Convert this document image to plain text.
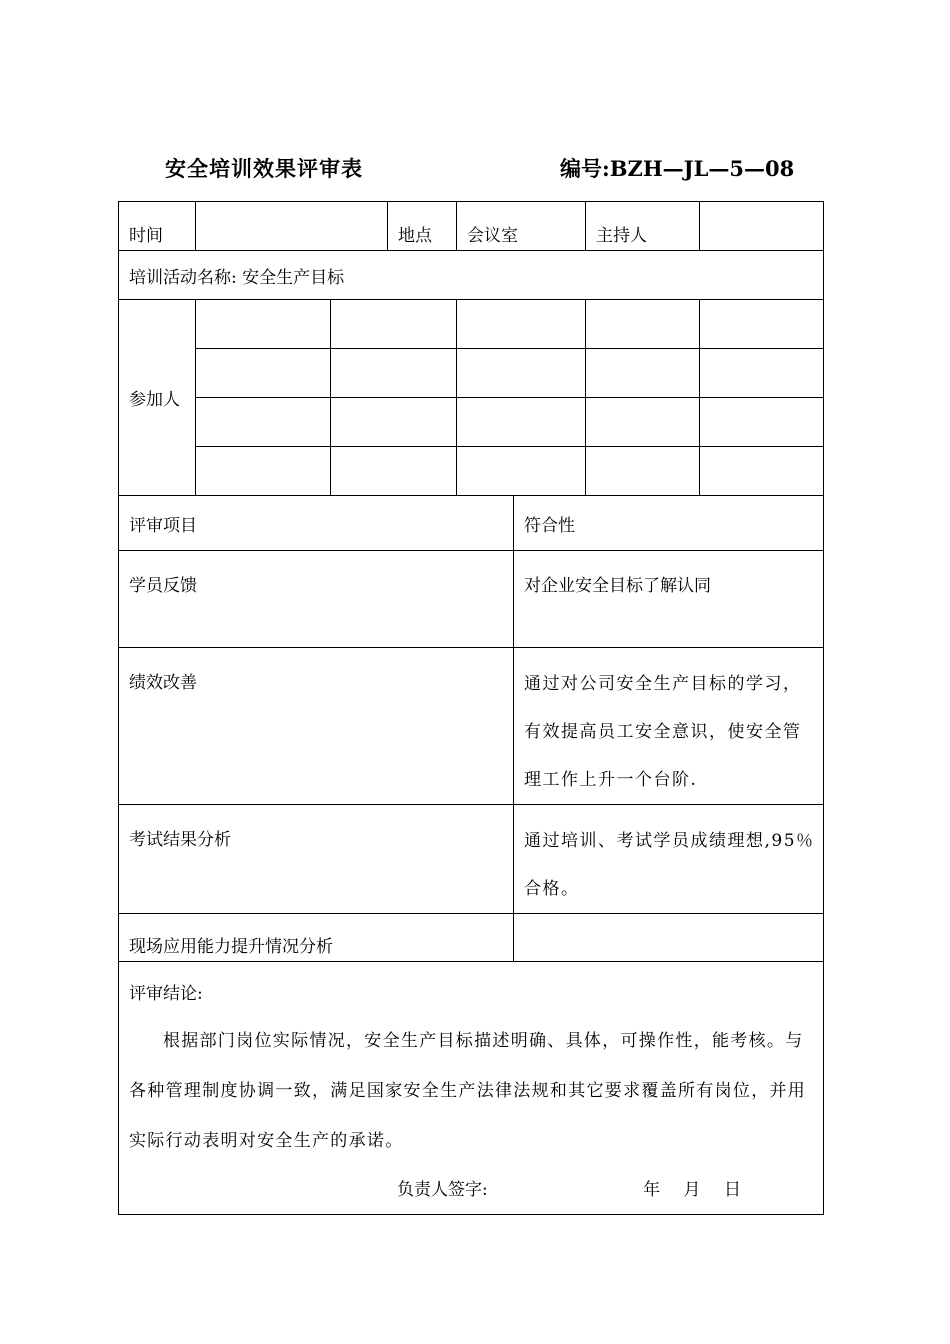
安全培训效果评审表	编号:BZH—JL—5—08
时间			地点	会议室		主持人	
培训活动名称: 安全生产目标							
参加人							

评审项目					符合性		
学员反馈					对企业安全目标了解认同		
绩效改善					通过对公司安全生产目标的学习，有效提高员工安全意识，使安全管理工作上升一个台阶.		
考试结果分析					通过培训、考试学员成绩理想,95％合格。		
现场应用能力提升情况分析							

评审结论:
根据部门岗位实际情况，安全生产目标描述明确、具体，可操作性，能考核。与各种管理制度协调一致，满足国家安全生产法律法规和其它要求覆盖所有岗位，并用实际行动表明对安全生产的承诺。
负责人签字: 年 月 日							
